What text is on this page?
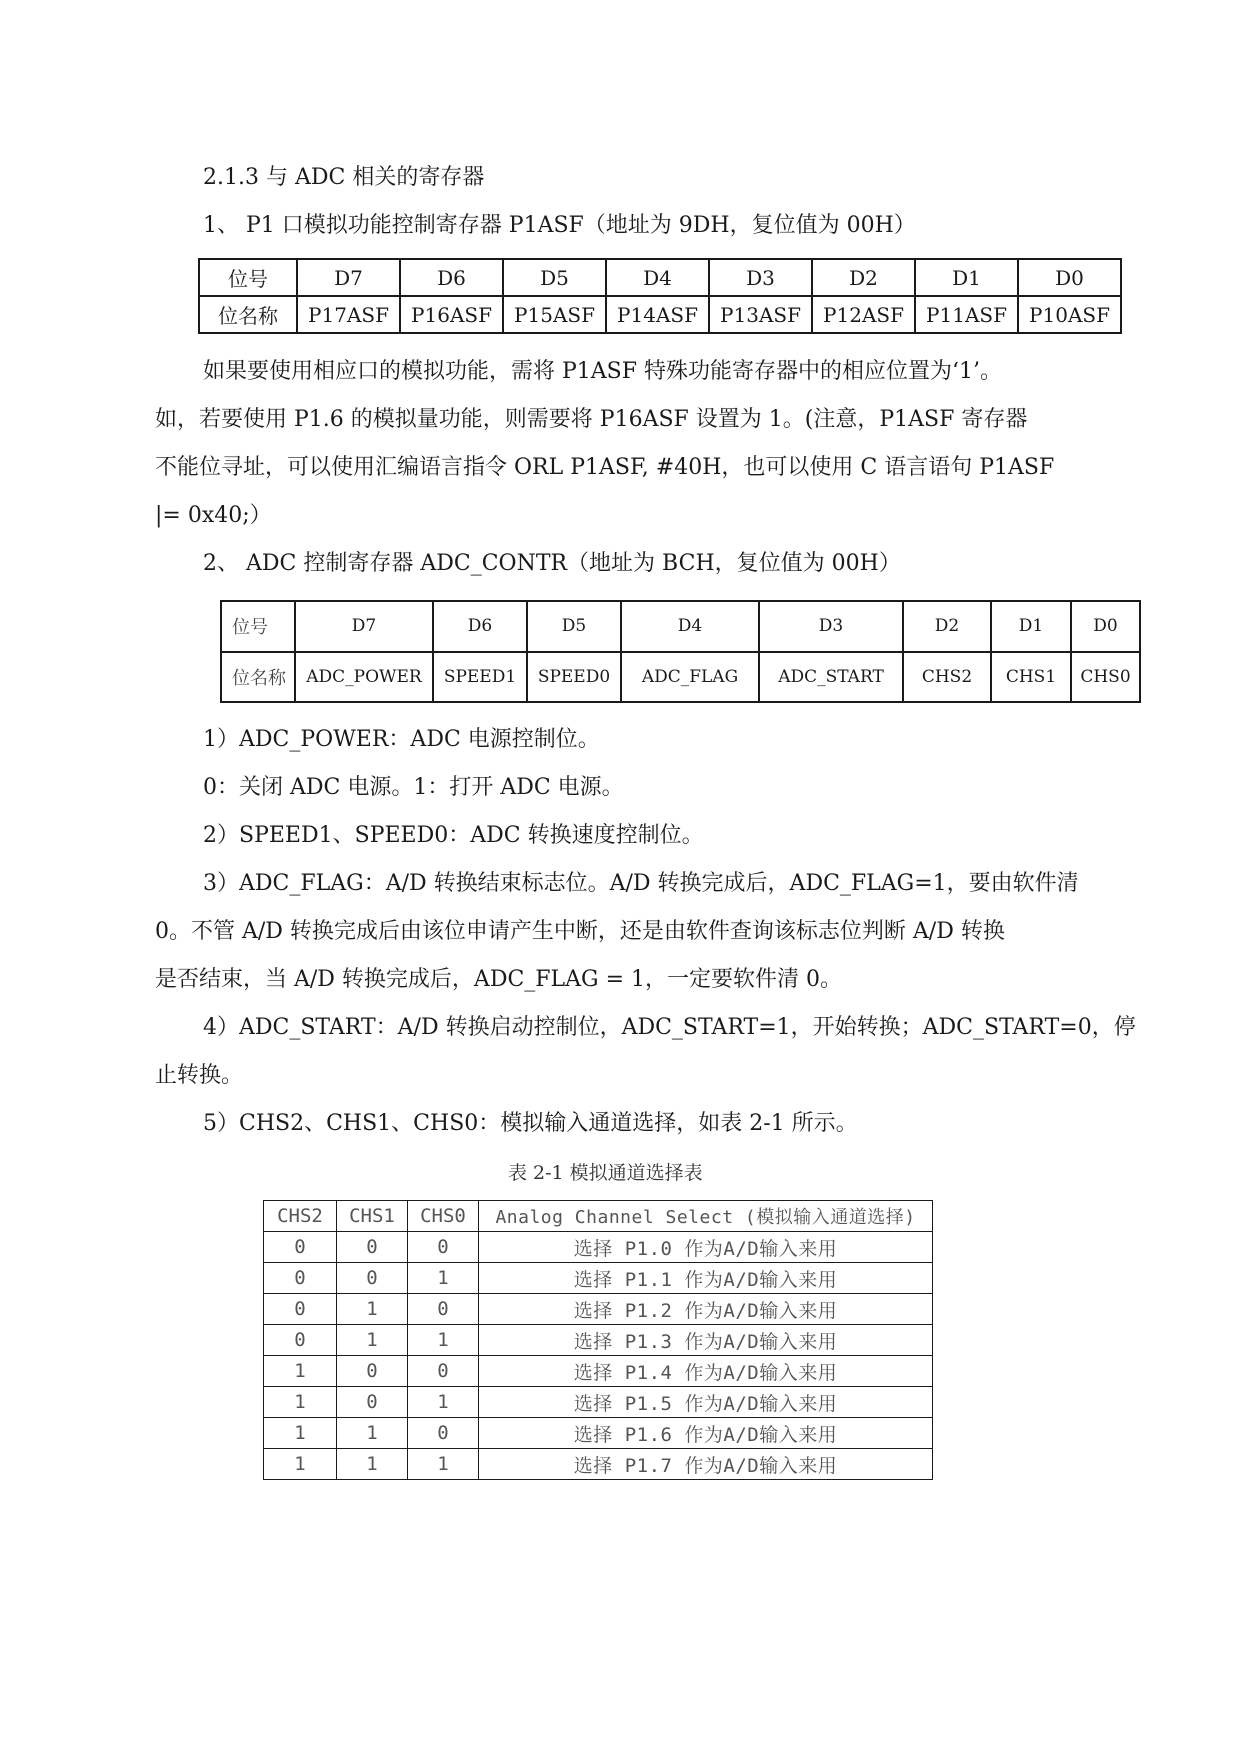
2.1.3 与 ADC 相关的寄存器
1、 P1 口模拟功能控制寄存器 P1ASF（地址为 9DH，复位值为 00H）
位号	D7	D6	D5	D4	D3	D2	D1	D0
位名称	P17ASF	P16ASF	P15ASF	P14ASF	P13ASF	P12ASF	P11ASF	P10ASF
如果要使用相应口的模拟功能，需将 P1ASF 特殊功能寄存器中的相应位置为‘1’。
如，若要使用 P1.6 的模拟量功能，则需要将 P16ASF 设置为 1。(注意，P1ASF 寄存器
不能位寻址，可以使用汇编语言指令 ORL P1ASF, #40H，也可以使用 C 语言语句 P1ASF
|= 0x40;）
2、 ADC 控制寄存器 ADC_CONTR（地址为 BCH，复位值为 00H）
位号	D7	D6	D5	D4	D3	D2	D1	D0
位名称	ADC_POWER	SPEED1	SPEED0	ADC_FLAG	ADC_START	CHS2	CHS1	CHS0
1）ADC_POWER：ADC 电源控制位。
0：关闭 ADC 电源。1：打开 ADC 电源。
2）SPEED1、SPEED0：ADC 转换速度控制位。
3）ADC_FLAG：A/D 转换结束标志位。A/D 转换完成后，ADC_FLAG=1，要由软件清
0。不管 A/D 转换完成后由该位申请产生中断，还是由软件查询该标志位判断 A/D 转换
是否结束，当 A/D 转换完成后，ADC_FLAG = 1，一定要软件清 0。
4）ADC_START：A/D 转换启动控制位，ADC_START=1，开始转换；ADC_START=0，停
止转换。
5）CHS2、CHS1、CHS0：模拟输入通道选择，如表 2-1 所示。
表 2-1 模拟通道选择表
CHS2	CHS1	CHS0	Analog Channel Select (模拟输入通道选择)
0	0	0	选择 P1.0 作为A/D输入来用
0	0	1	选择 P1.1 作为A/D输入来用
0	1	0	选择 P1.2 作为A/D输入来用
0	1	1	选择 P1.3 作为A/D输入来用
1	0	0	选择 P1.4 作为A/D输入来用
1	0	1	选择 P1.5 作为A/D输入来用
1	1	0	选择 P1.6 作为A/D输入来用
1	1	1	选择 P1.7 作为A/D输入来用
